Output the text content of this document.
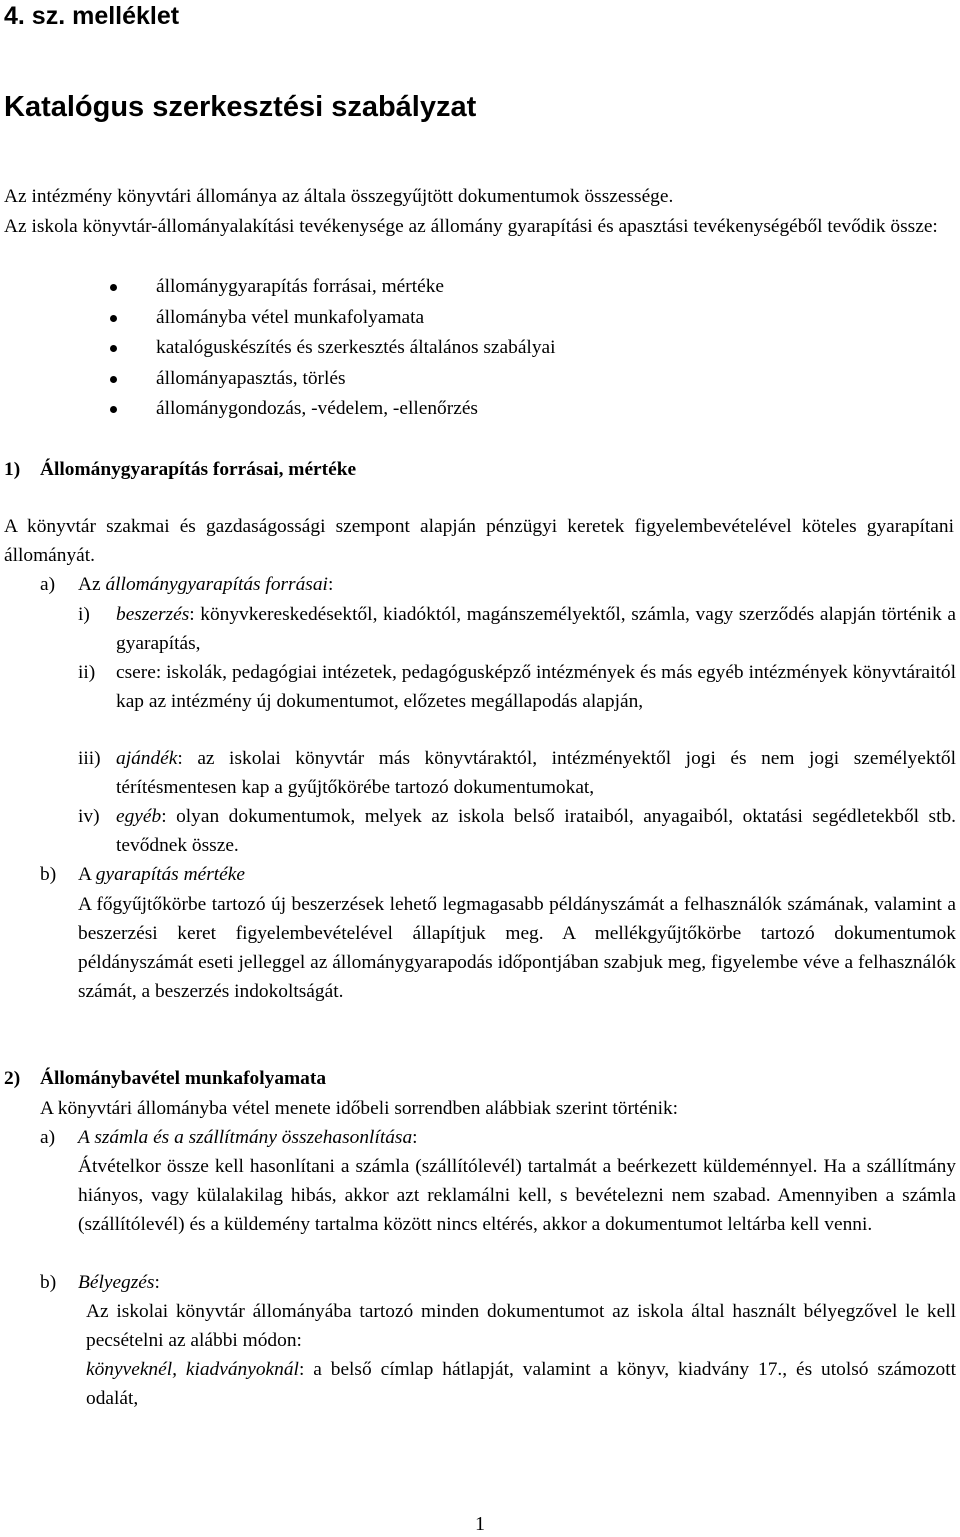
4. sz. melléklet
Katalógus szerkesztési szabályzat

Az intézmény könyvtári állománya az általa összegyűjtött dokumentumok összessége.

Az iskola könyvtár-állományalakítási tevékenysége az állomány gyarapítási és apasztási tevékenységéből tevődik össze:

állománygyarapítás forrásai, mértéke
állományba vétel munkafolyamata
katalóguskészítés és szerkesztés általános szabályai
állományapasztás, törlés
állománygondozás, -védelem, -ellenőrzés
1) Állománygyarapítás forrásai, mértéke
A könyvtár szakmai és gazdaságossági szempont alapján pénzügyi keretek figyelembevételével köteles gyarapítani állományát.
a) Az állománygyarapítás forrásai:
i) beszerzés: könyvkereskedésektől, kiadóktól, magánszemélyektől, számla, vagy szerződés alapján történik a gyarapítás,
ii) csere: iskolák, pedagógiai intézetek, pedagógusképző intézmények és más egyéb intézmények könyvtáraitól kap az intézmény új dokumentumot, előzetes megállapodás alapján,
iii) ajándék: az iskolai könyvtár más könyvtáraktól, intézményektől jogi és nem jogi személyektől térítésmentesen kap a gyűjtőkörébe tartozó dokumentumokat,
iv) egyéb: olyan dokumentumok, melyek az iskola belső irataiból, anyagaiból, oktatási segédletekből stb. tevődnek össze.
b) A gyarapítás mértéke
A főgyűjtőkörbe tartozó új beszerzések lehető legmagasabb példányszámát a felhasználók számának, valamint a beszerzési keret figyelembevételével állapítjuk meg. A mellékgyűjtőkörbe tartozó dokumentumok példányszámát eseti jelleggel az állománygyarapodás időpontjában szabjuk meg, figyelembe véve a felhasználók számát, a beszerzés indokoltságát.
2) Állománybavétel munkafolyamata
A könyvtári állományba vétel menete időbeli sorrendben alábbiak szerint történik:
a) A számla és a szállítmány összehasonlítása:
Átvételkor össze kell hasonlítani a számla (szállítólevél) tartalmát a beérkezett küldeménnyel. Ha a szállítmány hiányos, vagy külalakilag hibás, akkor azt reklamálni kell, s bevételezni nem szabad. Amennyiben a számla (szállítólevél) és a küldemény tartalma között nincs eltérés, akkor a dokumentumot leltárba kell venni.
b) Bélyegzés:
Az iskolai könyvtár állományába tartozó minden dokumentumot az iskola által használt bélyegzővel le kell pecsételni az alábbi módon:
könyveknél, kiadványoknál: a belső címlap hátlapját, valamint a könyv, kiadvány 17., és utolsó számozott odalát,
1
